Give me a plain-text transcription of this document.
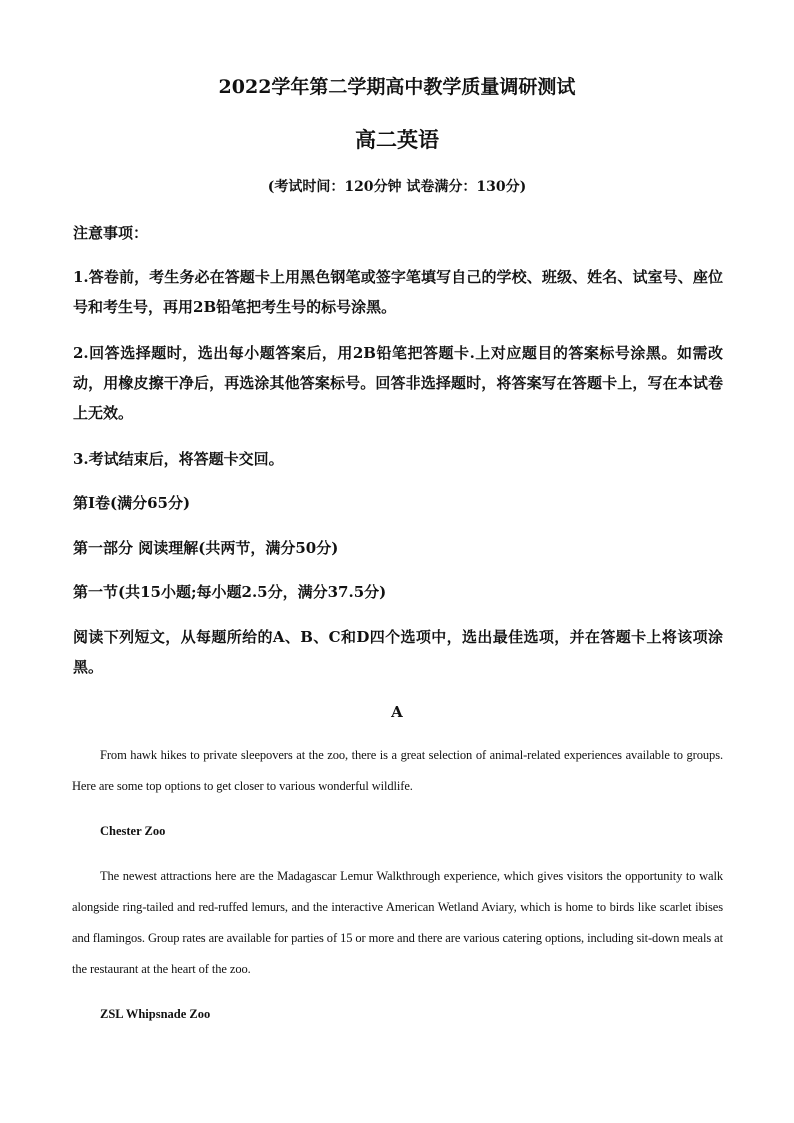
2022学年第二学期高中教学质量调研测试
高二英语
(考试时间：120分钟 试卷满分：130分)
注意事项：
1.答卷前，考生务必在答题卡上用黑色钢笔或签字笔填写自己的学校、班级、姓名、试室号、座位号和考生号，再用2B铅笔把考生号的标号涂黑。
2.回答选择题时，选出每小题答案后，用2B铅笔把答题卡.上对应题目的答案标号涂黑。如需改动，用橡皮擦干净后，再选涂其他答案标号。回答非选择题时，将答案写在答题卡上，写在本试卷上无效。
3.考试结束后，将答题卡交回。
第I卷(满分65分)
第一部分 阅读理解(共两节，满分50分)
第一节(共15小题;每小题2.5分，满分37.5分)
阅读下列短文，从每题所给的A、B、C和D四个选项中，选出最佳选项，并在答题卡上将该项涂黑。
A
From hawk hikes to private sleepovers at the zoo, there is a great selection of animal-related experiences available to groups. Here are some top options to get closer to various wonderful wildlife.
Chester Zoo
The newest attractions here are the Madagascar Lemur Walkthrough experience, which gives visitors the opportunity to walk alongside ring-tailed and red-ruffed lemurs, and the interactive American Wetland Aviary, which is home to birds like scarlet ibises and flamingos. Group rates are available for parties of 15 or more and there are various catering options, including sit-down meals at the restaurant at the heart of the zoo.
ZSL Whipsnade Zoo
